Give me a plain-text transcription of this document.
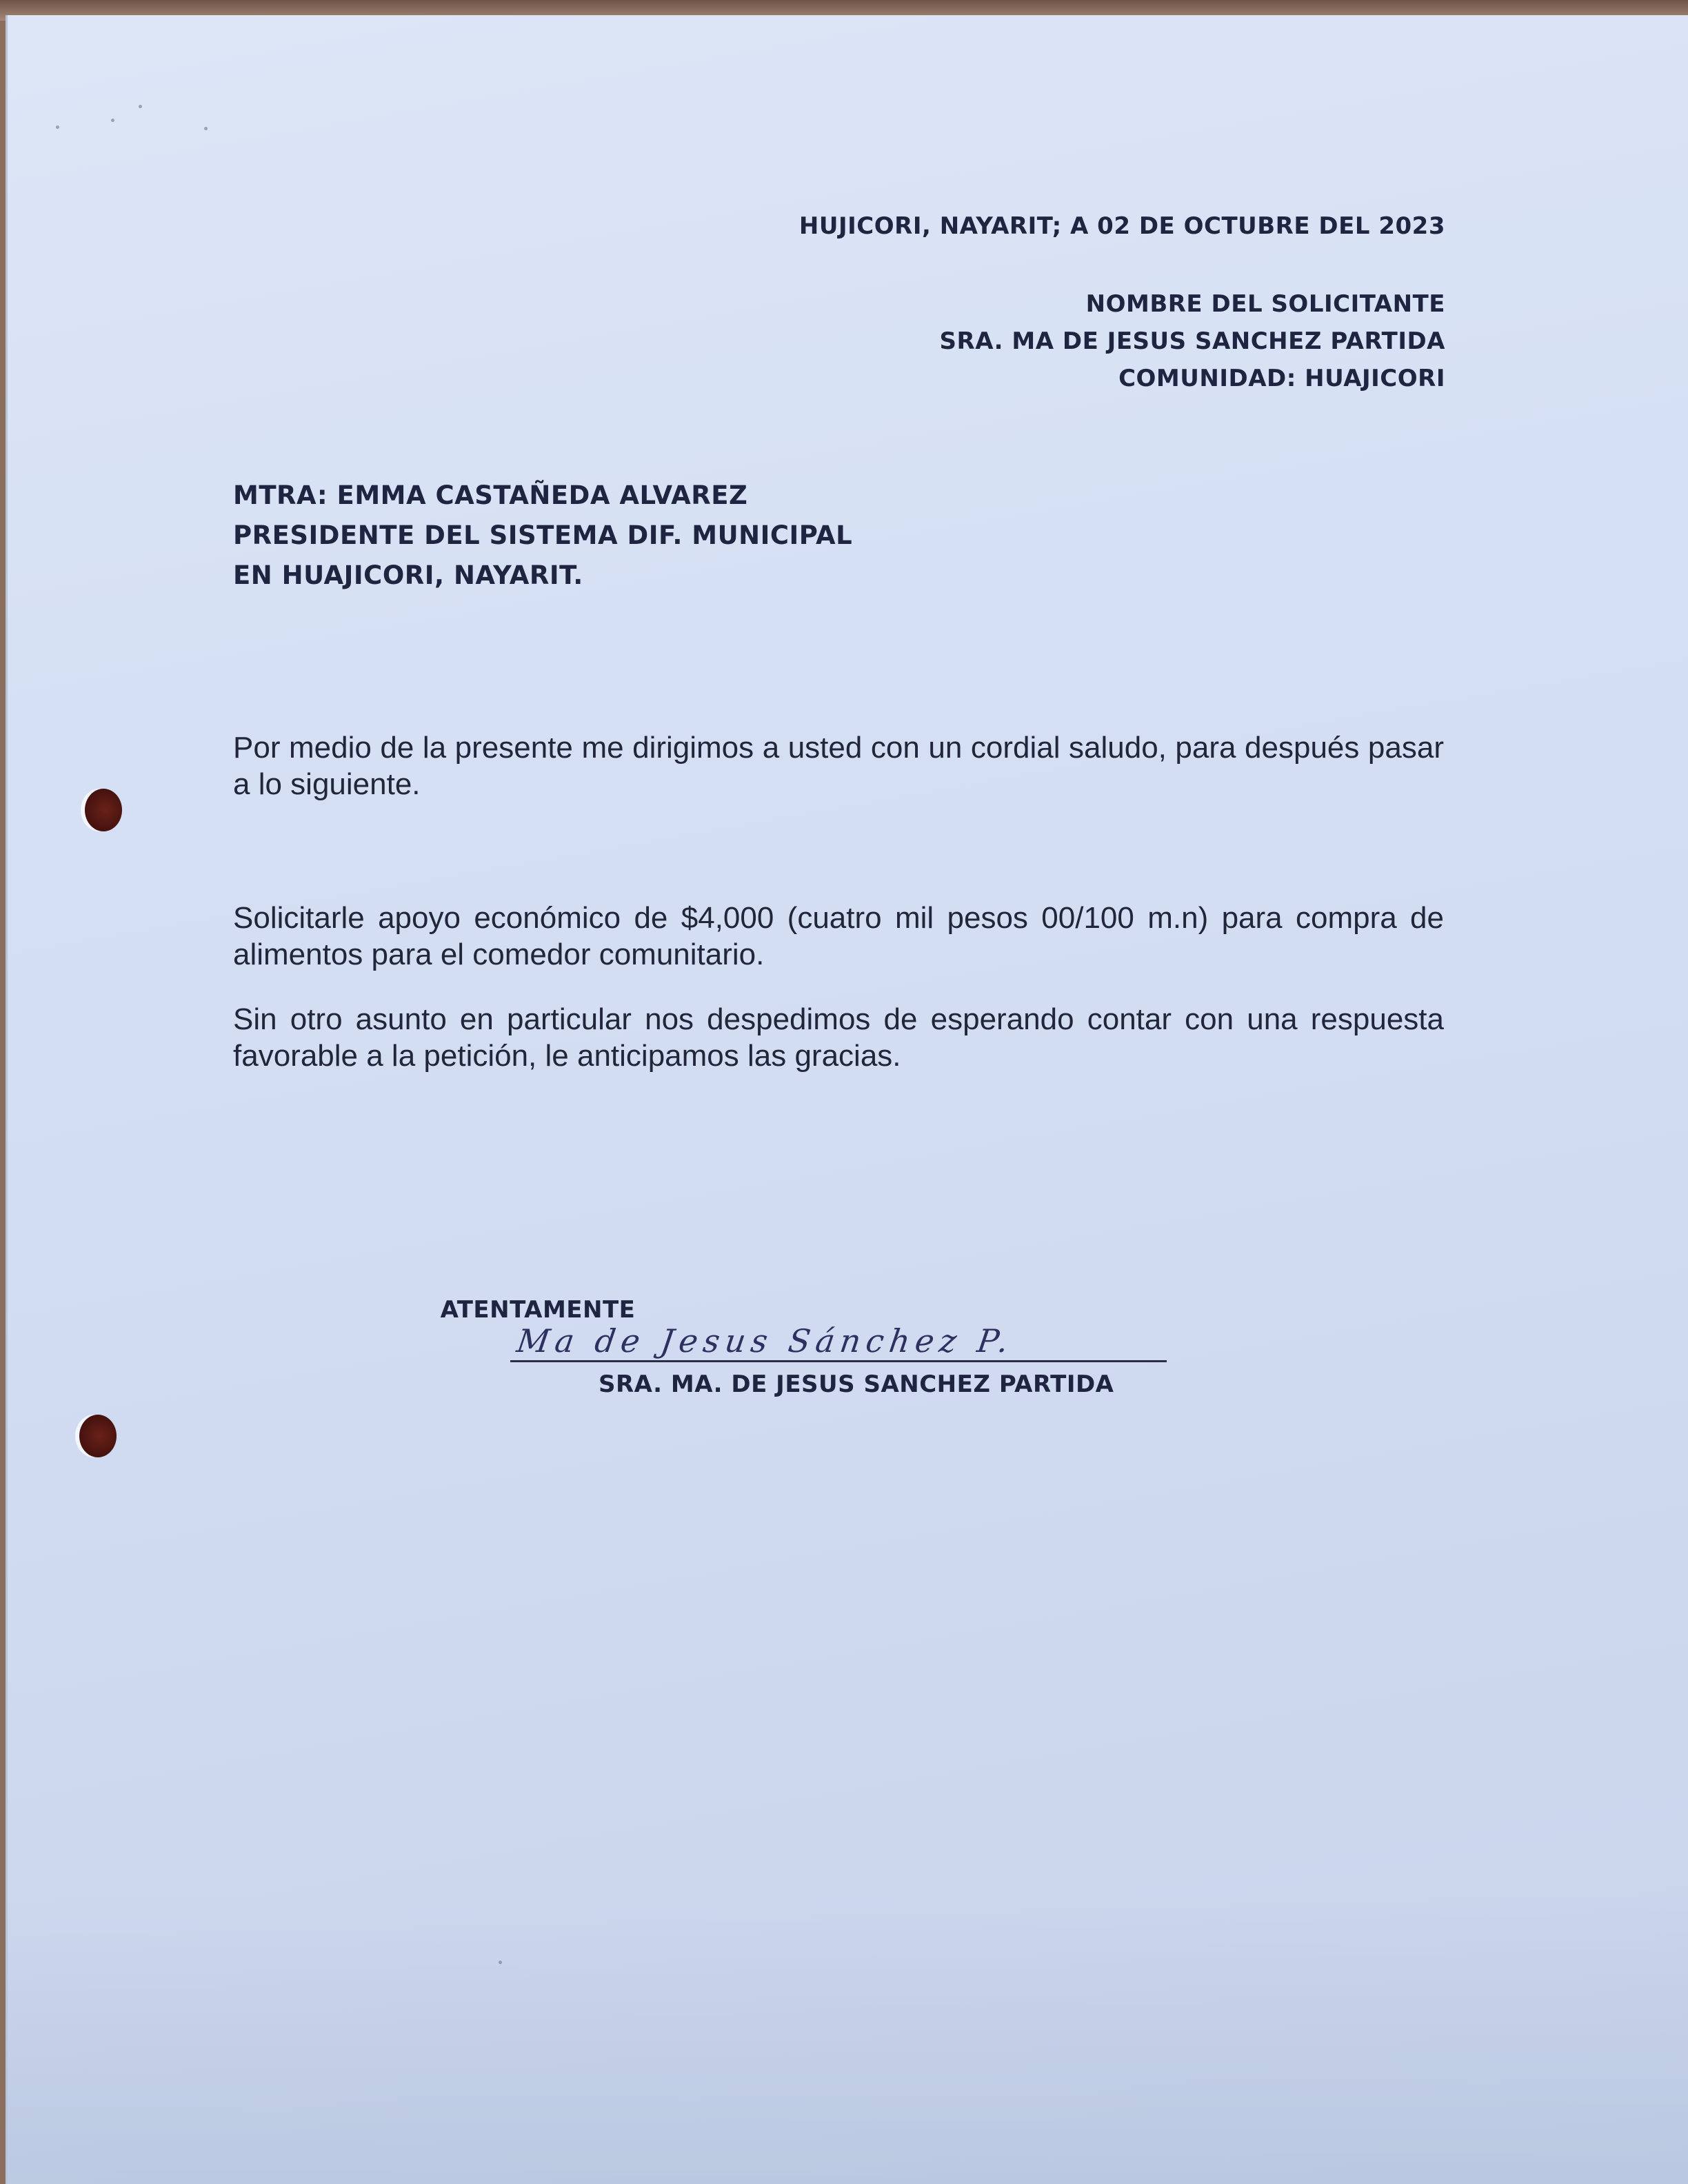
HUJICORI, NAYARIT; A 02 DE OCTUBRE DEL 2023
NOMBRE DEL SOLICITANTE
SRA. MA DE JESUS SANCHEZ PARTIDA
COMUNIDAD: HUAJICORI
MTRA: EMMA CASTAÑEDA ALVAREZ
PRESIDENTE DEL SISTEMA DIF. MUNICIPAL
EN HUAJICORI, NAYARIT.
Por medio de la presente me dirigimos a usted con un cordial saludo, para después pasar a lo siguiente.
Solicitarle apoyo económico de $4,000 (cuatro mil pesos 00/100 m.n) para compra de alimentos para el comedor comunitario.
Sin otro asunto en particular nos despedimos de esperando contar con una respuesta favorable a la petición, le anticipamos las gracias.
ATENTAMENTE
Ma de Jesus Sánchez P.
SRA. MA. DE JESUS SANCHEZ PARTIDA
